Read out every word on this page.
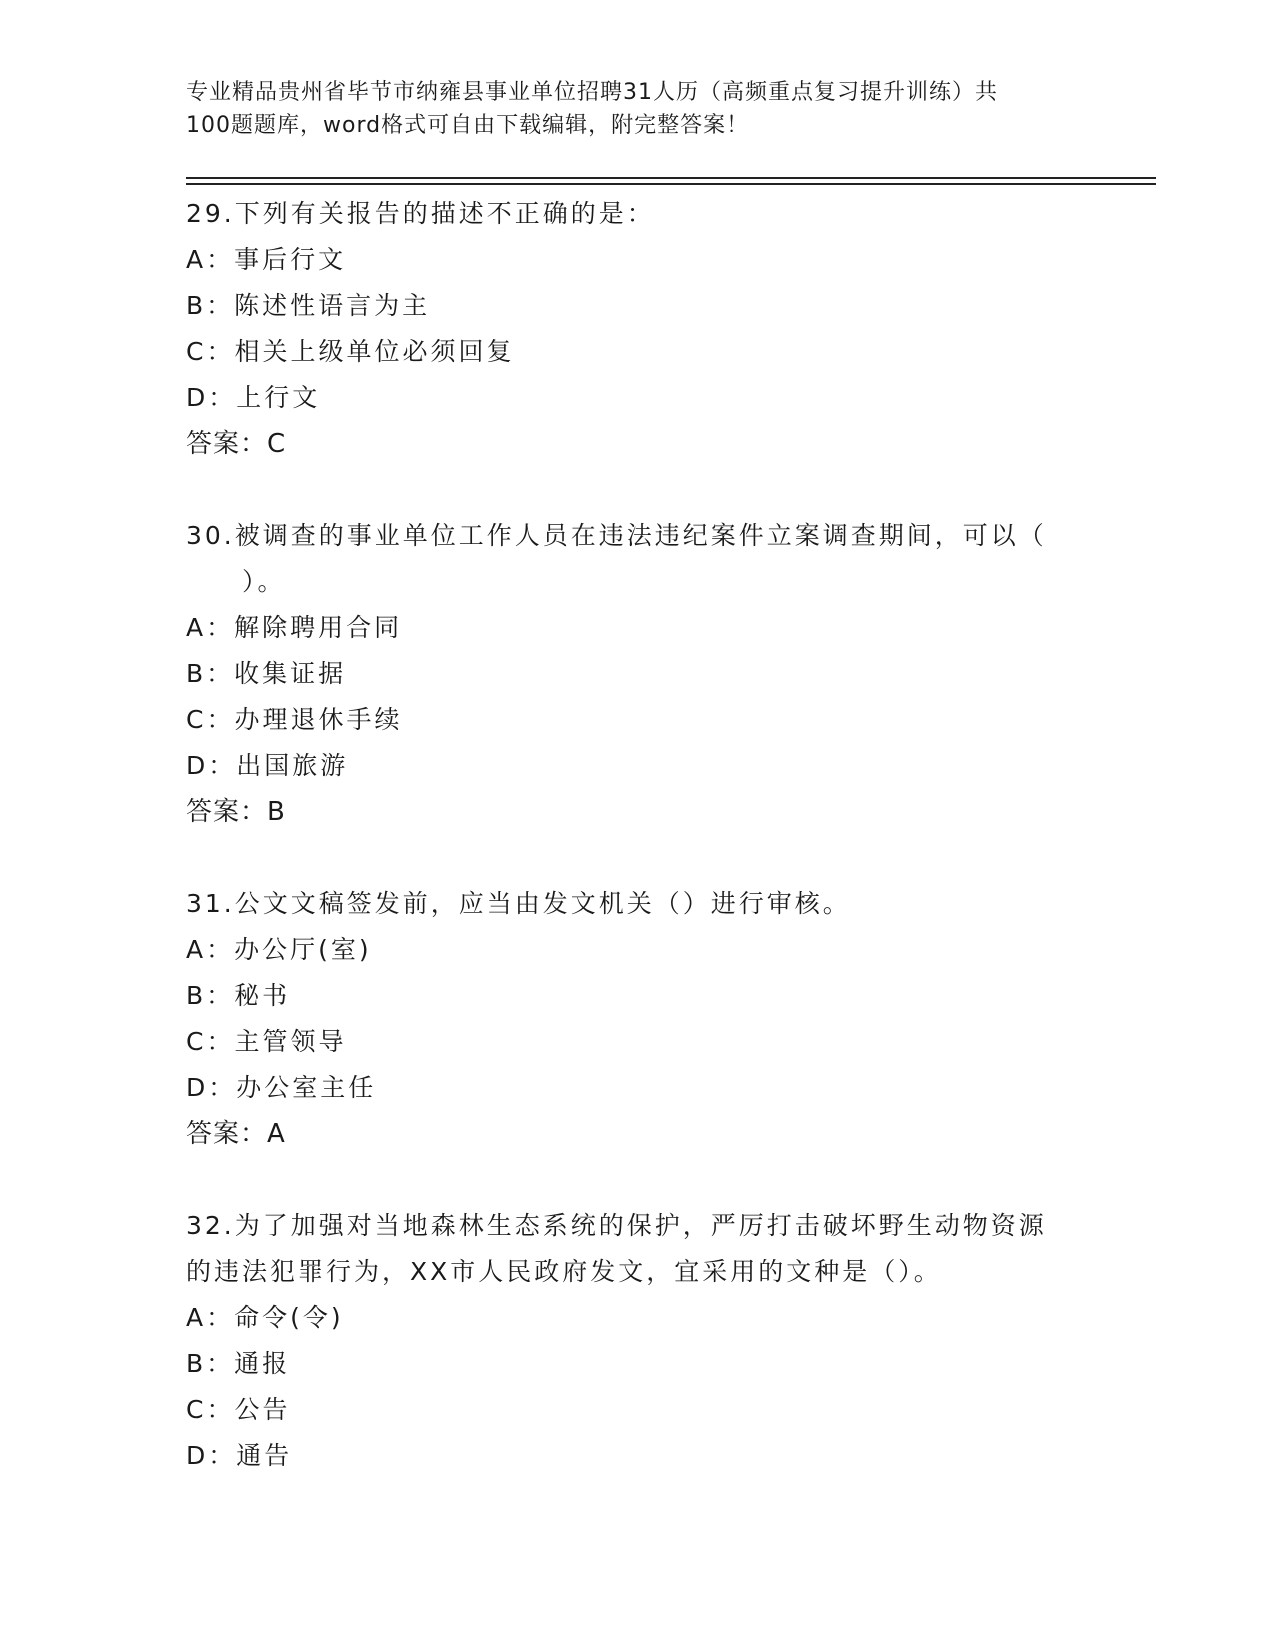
专业精品贵州省毕节市纳雍县事业单位招聘31人历（高频重点复习提升训练）共
100题题库，word格式可自由下载编辑，附完整答案！
29.下列有关报告的描述不正确的是：
A：事后行文
B：陈述性语言为主
C：相关上级单位必须回复
D：上行文
答案：C
30.被调查的事业单位工作人员在违法违纪案件立案调查期间，可以（
）。
A：解除聘用合同
B：收集证据
C：办理退休手续
D：出国旅游
答案：B
31.公文文稿签发前，应当由发文机关（）进行审核。
A：办公厅(室)
B：秘书
C：主管领导
D：办公室主任
答案：A
32.为了加强对当地森林生态系统的保护，严厉打击破坏野生动物资源
的违法犯罪行为，XX市人民政府发文，宜采用的文种是（）。
A：命令(令)
B：通报
C：公告
D：通告
